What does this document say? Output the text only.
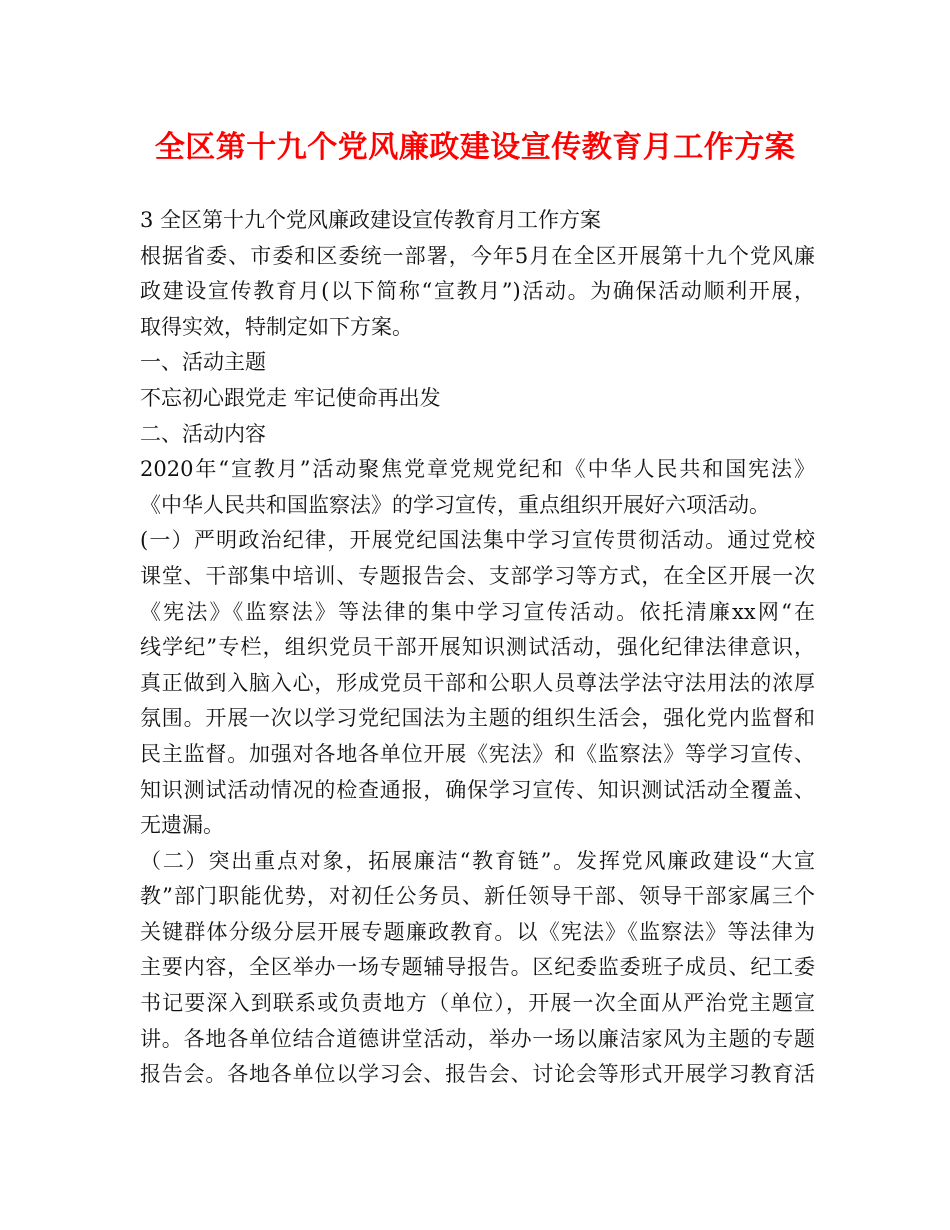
全区第十九个党风廉政建设宣传教育月工作方案
3 全区第十九个党风廉政建设宣传教育月工作方案
根据省委、市委和区委统一部署，今年5月在全区开展第十九个党风廉
政建设宣传教育月(以下简称“宣教月”)活动。为确保活动顺利开展，
取得实效，特制定如下方案。
一、活动主题
不忘初心跟党走 牢记使命再出发
二、活动内容
2020年“宣教月”活动聚焦党章党规党纪和《中华人民共和国宪法》
《中华人民共和国监察法》的学习宣传，重点组织开展好六项活动。
(一）严明政治纪律，开展党纪国法集中学习宣传贯彻活动。通过党校
课堂、干部集中培训、专题报告会、支部学习等方式，在全区开展一次
《宪法》《监察法》等法律的集中学习宣传活动。依托清廉xx网“在
线学纪”专栏，组织党员干部开展知识测试活动，强化纪律法律意识，
真正做到入脑入心，形成党员干部和公职人员尊法学法守法用法的浓厚
氛围。开展一次以学习党纪国法为主题的组织生活会，强化党内监督和
民主监督。加强对各地各单位开展《宪法》和《监察法》等学习宣传、
知识测试活动情况的检查通报，确保学习宣传、知识测试活动全覆盖、
无遗漏。
（二）突出重点对象，拓展廉洁“教育链”。发挥党风廉政建设“大宣
教”部门职能优势，对初任公务员、新任领导干部、领导干部家属三个
关键群体分级分层开展专题廉政教育。以《宪法》《监察法》等法律为
主要内容，全区举办一场专题辅导报告。区纪委监委班子成员、纪工委
书记要深入到联系或负责地方（单位），开展一次全面从严治党主题宣
讲。各地各单位结合道德讲堂活动，举办一场以廉洁家风为主题的专题
报告会。各地各单位以学习会、报告会、讨论会等形式开展学习教育活
